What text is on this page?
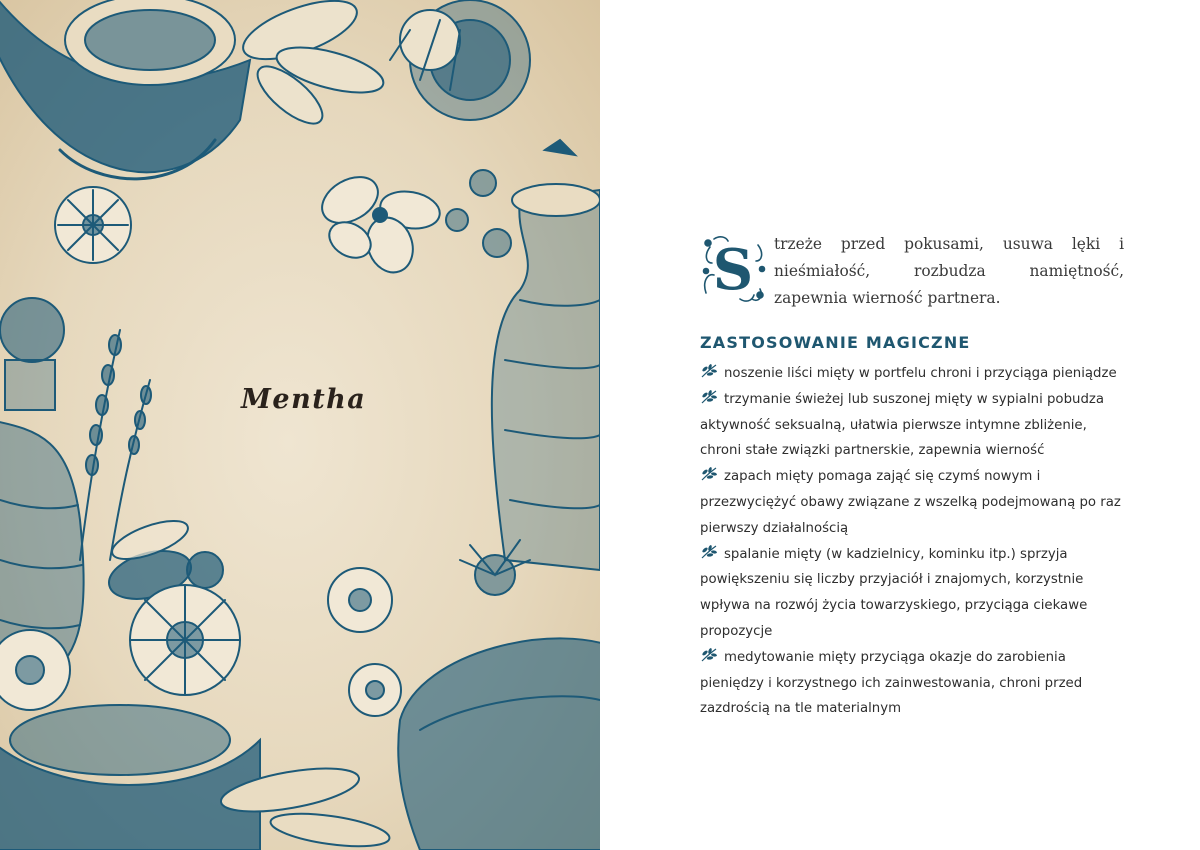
Mentha
S	trzeże przed pokusami, usuwa lęki i nieśmiałość, rozbudza namiętność, zapewnia wierność partnera.

ZASTOSOWANIE MAGICZNE

noszenie liści mięty w portfelu chroni i przyciąga pieniądze

trzymanie świeżej lub suszonej mięty w sypialni pobudza aktywność seksualną, ułatwia pierwsze intymne zbliżenie, chroni stałe związki partnerskie, zapewnia wierność

zapach mięty pomaga zająć się czymś nowym i przezwyciężyć obawy związane z wszelką podejmowaną po raz pierwszy działalnością

spalanie mięty (w kadzielnicy, kominku itp.) sprzyja powiększeniu się liczby przyjaciół i znajomych, korzystnie wpływa na rozwój życia towarzyskiego, przyciąga ciekawe propozycje

medytowanie mięty przyciąga okazje do zarobienia pieniędzy i korzystnego ich zainwestowania, chroni przed zazdrością na tle materialnym
